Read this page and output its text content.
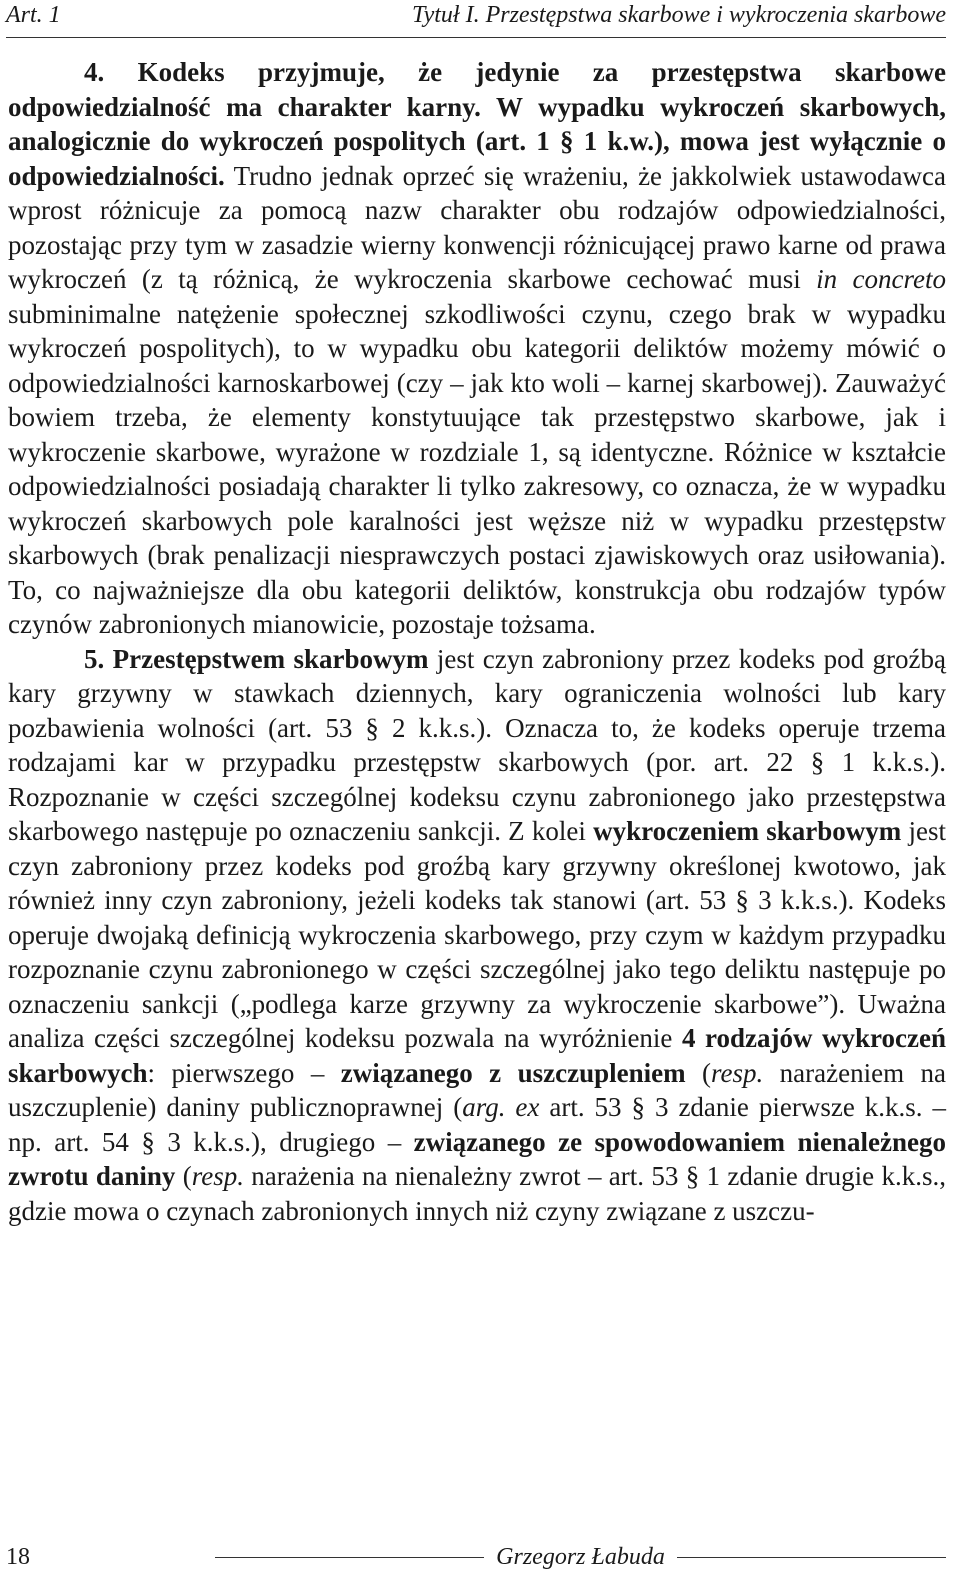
Art. 1	Tytuł I. Przestępstwa skarbowe i wykroczenia skarbowe

4. Kodeks przyjmuje, że jedynie za przestępstwa skarbowe odpowiedzialność ma charakter karny. W wypadku wykroczeń skarbowych, analogicznie do wykroczeń pospolitych (art. 1 § 1 k.w.), mowa jest wyłącznie o odpowiedzialności. Trudno jednak oprzeć się wrażeniu, że jakkolwiek ustawodawca wprost różnicuje za pomocą nazw charakter obu rodzajów odpowiedzialności, pozostając przy tym w zasadzie wierny konwencji różnicującej prawo karne od prawa wykroczeń (z tą różnicą, że wykroczenia skarbowe cechować musi in concreto subminimalne natężenie społecznej szkodliwości czynu, czego brak w wypadku wykroczeń pospolitych), to w wypadku obu kategorii deliktów możemy mówić o odpowiedzialności karnoskarbowej (czy – jak kto woli – karnej skarbowej). Zauważyć bowiem trzeba, że elementy konstytuujące tak przestępstwo skarbowe, jak i wykroczenie skarbowe, wyrażone w rozdziale 1, są identyczne. Różnice w kształcie odpowiedzialności posiadają charakter li tylko zakresowy, co oznacza, że w wypadku wykroczeń skarbowych pole karalności jest węższe niż w wypadku przestępstw skarbowych (brak penalizacji niesprawczych postaci zjawiskowych oraz usiłowania). To, co najważniejsze dla obu kategorii deliktów, konstrukcja obu rodzajów typów czynów zabronionych mianowicie, pozostaje tożsama.

5. Przestępstwem skarbowym jest czyn zabroniony przez kodeks pod groźbą kary grzywny w stawkach dziennych, kary ograniczenia wolności lub kary pozbawienia wolności (art. 53 § 2 k.k.s.). Oznacza to, że kodeks operuje trzema rodzajami kar w przypadku przestępstw skarbowych (por. art. 22 § 1 k.k.s.). Rozpoznanie w części szczególnej kodeksu czynu zabronionego jako przestępstwa skarbowego następuje po oznaczeniu sankcji. Z kolei wykroczeniem skarbowym jest czyn zabroniony przez kodeks pod groźbą kary grzywny określonej kwotowo, jak również inny czyn zabroniony, jeżeli kodeks tak stanowi (art. 53 § 3 k.k.s.). Kodeks operuje dwojaką definicją wykroczenia skarbowego, przy czym w każdym przypadku rozpoznanie czynu zabronionego w części szczególnej jako tego deliktu następuje po oznaczeniu sankcji („podlega karze grzywny za wykroczenie skarbowe”). Uważna analiza części szczególnej kodeksu pozwala na wyróżnienie 4 rodzajów wykroczeń skarbowych: pierwszego – związanego z uszczupleniem (resp. narażeniem na uszczuplenie) daniny publicznoprawnej (arg. ex art. 53 § 3 zdanie pierwsze k.k.s. – np. art. 54 § 3 k.k.s.), drugiego – związanego ze spowodowaniem nienależnego zwrotu daniny (resp. narażenia na nienależny zwrot – art. 53 § 1 zdanie drugie k.k.s., gdzie mowa o czynach zabronionych innych niż czyny związane z uszczu-

18	Grzegorz Łabuda
